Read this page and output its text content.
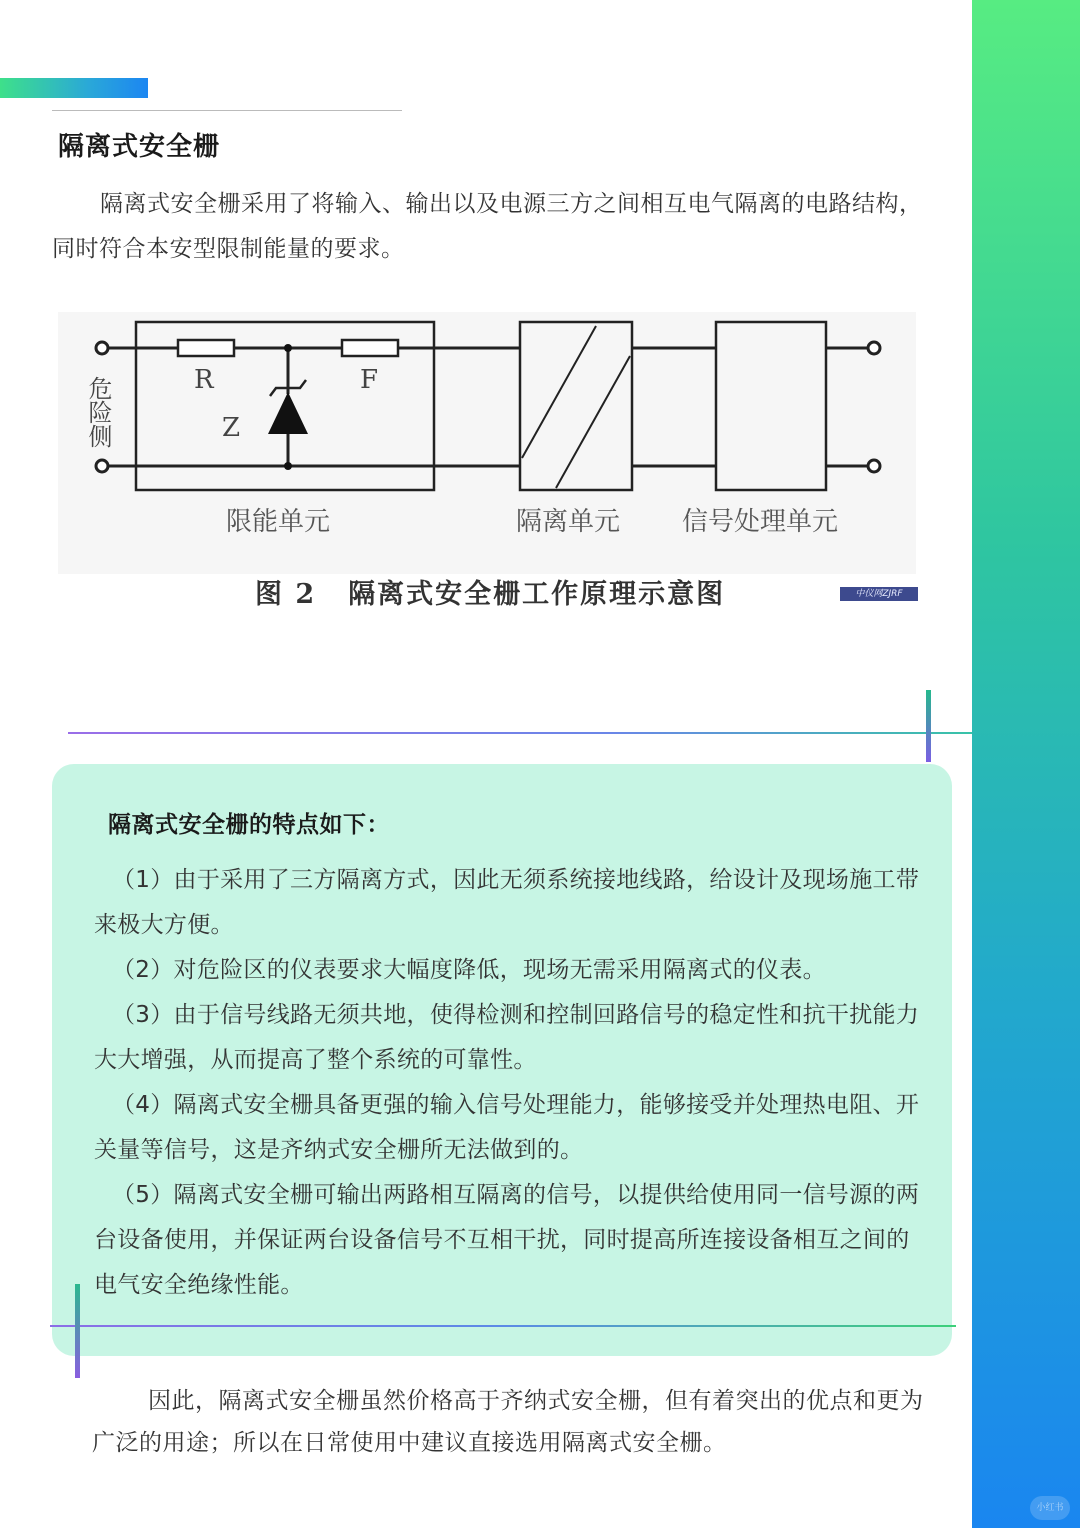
隔离式安全栅

隔离式安全栅采用了将输入、输出以及电源三方之间相互电气隔离的电路结构，同时符合本安型限制能量的要求。

危险侧	R
Z
F
限能单元	隔离单元 信号处理单元
图 2 隔离式安全栅工作原理示意图	中仪网ZJRF
隔离式安全栅的特点如下：
（1）由于采用了三方隔离方式，因此无须系统接地线路，给设计及现场施工带来极大方便。
（2）对危险区的仪表要求大幅度降低，现场无需采用隔离式的仪表。
（3）由于信号线路无须共地，使得检测和控制回路信号的稳定性和抗干扰能力大大增强，从而提高了整个系统的可靠性。
（4）隔离式安全栅具备更强的输入信号处理能力，能够接受并处理热电阻、开关量等信号，这是齐纳式安全栅所无法做到的。
（5）隔离式安全栅可输出两路相互隔离的信号，以提供给使用同一信号源的两台设备使用，并保证两台设备信号不互相干扰，同时提高所连接设备相互之间的电气安全绝缘性能。

因此，隔离式安全栅虽然价格高于齐纳式安全栅，但有着突出的优点和更为广泛的用途；所以在日常使用中建议直接选用隔离式安全栅。

小红书
